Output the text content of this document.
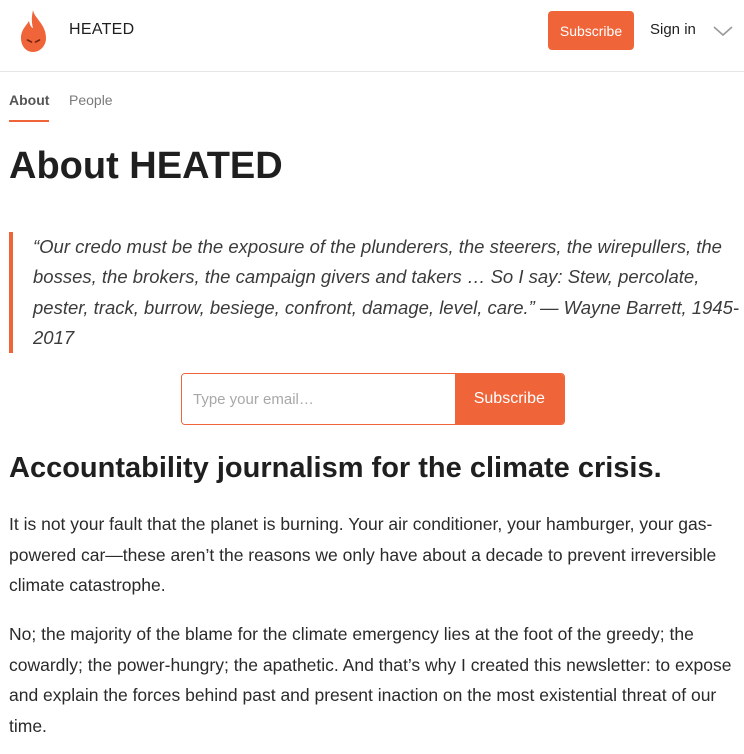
HEATED	Subscribe	Sign in
About People
About HEATED
“Our credo must be the exposure of the plunderers, the steerers, the wirepullers, the bosses, the brokers, the campaign givers and takers … So I say: Stew, percolate, pester, track, burrow, besiege, confront, damage, level, care.” — Wayne Barrett, 1945-2017
Type your email…
Subscribe
Accountability journalism for the climate crisis.

It is not your fault that the planet is burning. Your air conditioner, your hamburger, your gas-powered car—these aren’t the reasons we only have about a decade to prevent irreversible climate catastrophe.

No; the majority of the blame for the climate emergency lies at the foot of the greedy; the cowardly; the power-hungry; the apathetic. And that’s why I created this newsletter: to expose and explain the forces behind past and present inaction on the most existential threat of our time.
